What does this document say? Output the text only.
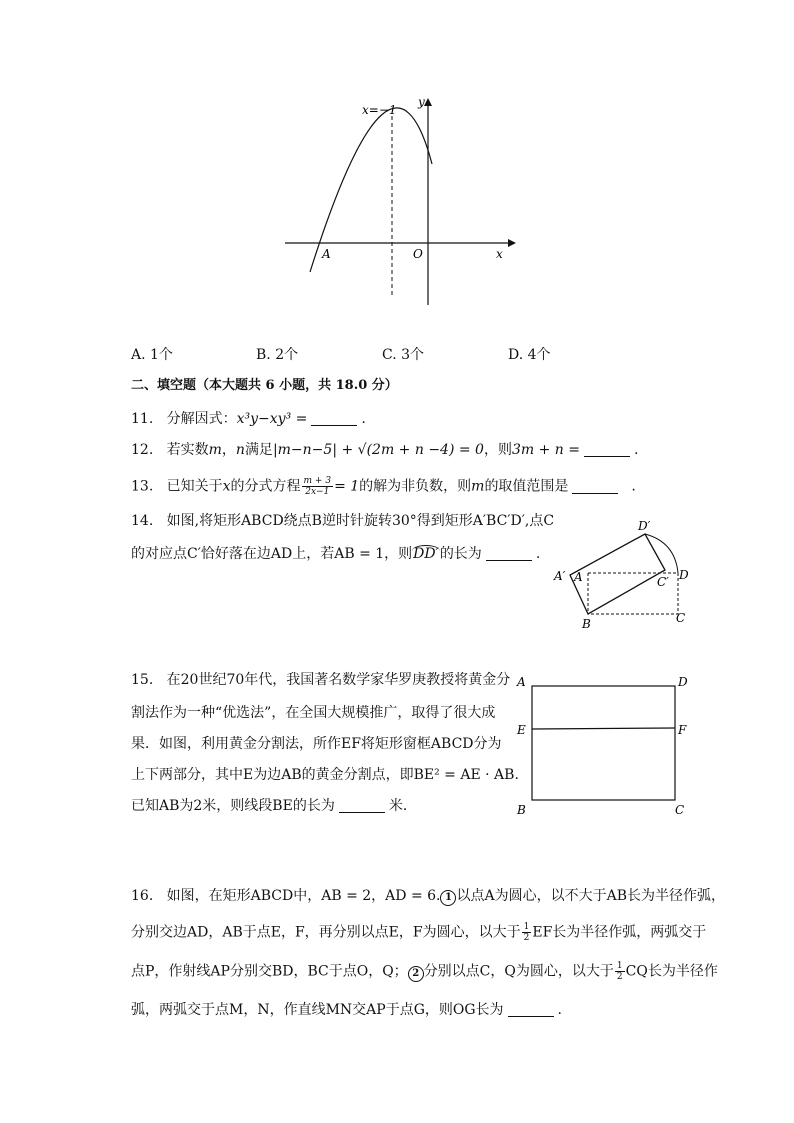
x=−1
y
A	O	x
A. 1个	B. 2个	C. 3个	D. 4个
二、填空题（本大题共 6 小题，共 18.0 分）
11. 分解因式：x³y−xy³ =	.
12. 若实数m，n满足|m−n−5| + √(2m + n −4) = 0，则3m + n =	.
13. 已知关于x的分式方程 $\frac{m + 3}{2x-1} = 1$的解为非负数，则m的取值范围是	.
14. 如图,将矩形ABCD绕点B逆时针旋转30°得到矩形A′BC′D′,点C
的对应点C′恰好落在边AD上，若AB = 1，则DD′的长为	.
D′
A′ A	C′ D
B	C
15. 在20世纪70年代，我国著名数学家华罗庚教授将黄金分
割法作为一种“优选法”，在全国大规模推广，取得了很大成
果．如图，利用黄金分割法，所作EF将矩形窗框ABCD分为
上下两部分，其中E为边AB的黄金分割点，即BE² = AE · AB.
已知AB为2米，则线段BE的长为	米．
A	D
E	F
B	C
16. 如图，在矩形ABCD中，AB = 2，AD = 6. 1 以点A为圆心，以不大于AB长为半径作弧，
分别交边AD，AB于点E，F，再分别以点E，F为圆心，以大于 $\frac{1}{2}$ EF长为半径作弧，两弧交于
点P，作射线AP分别交BD，BC于点O，Q； 2 分别以点C，Q为圆心，以大于 $\frac{1}{2}$ CQ长为半径作
弧，两弧交于点M，N，作直线MN交AP于点G，则OG长为	.
